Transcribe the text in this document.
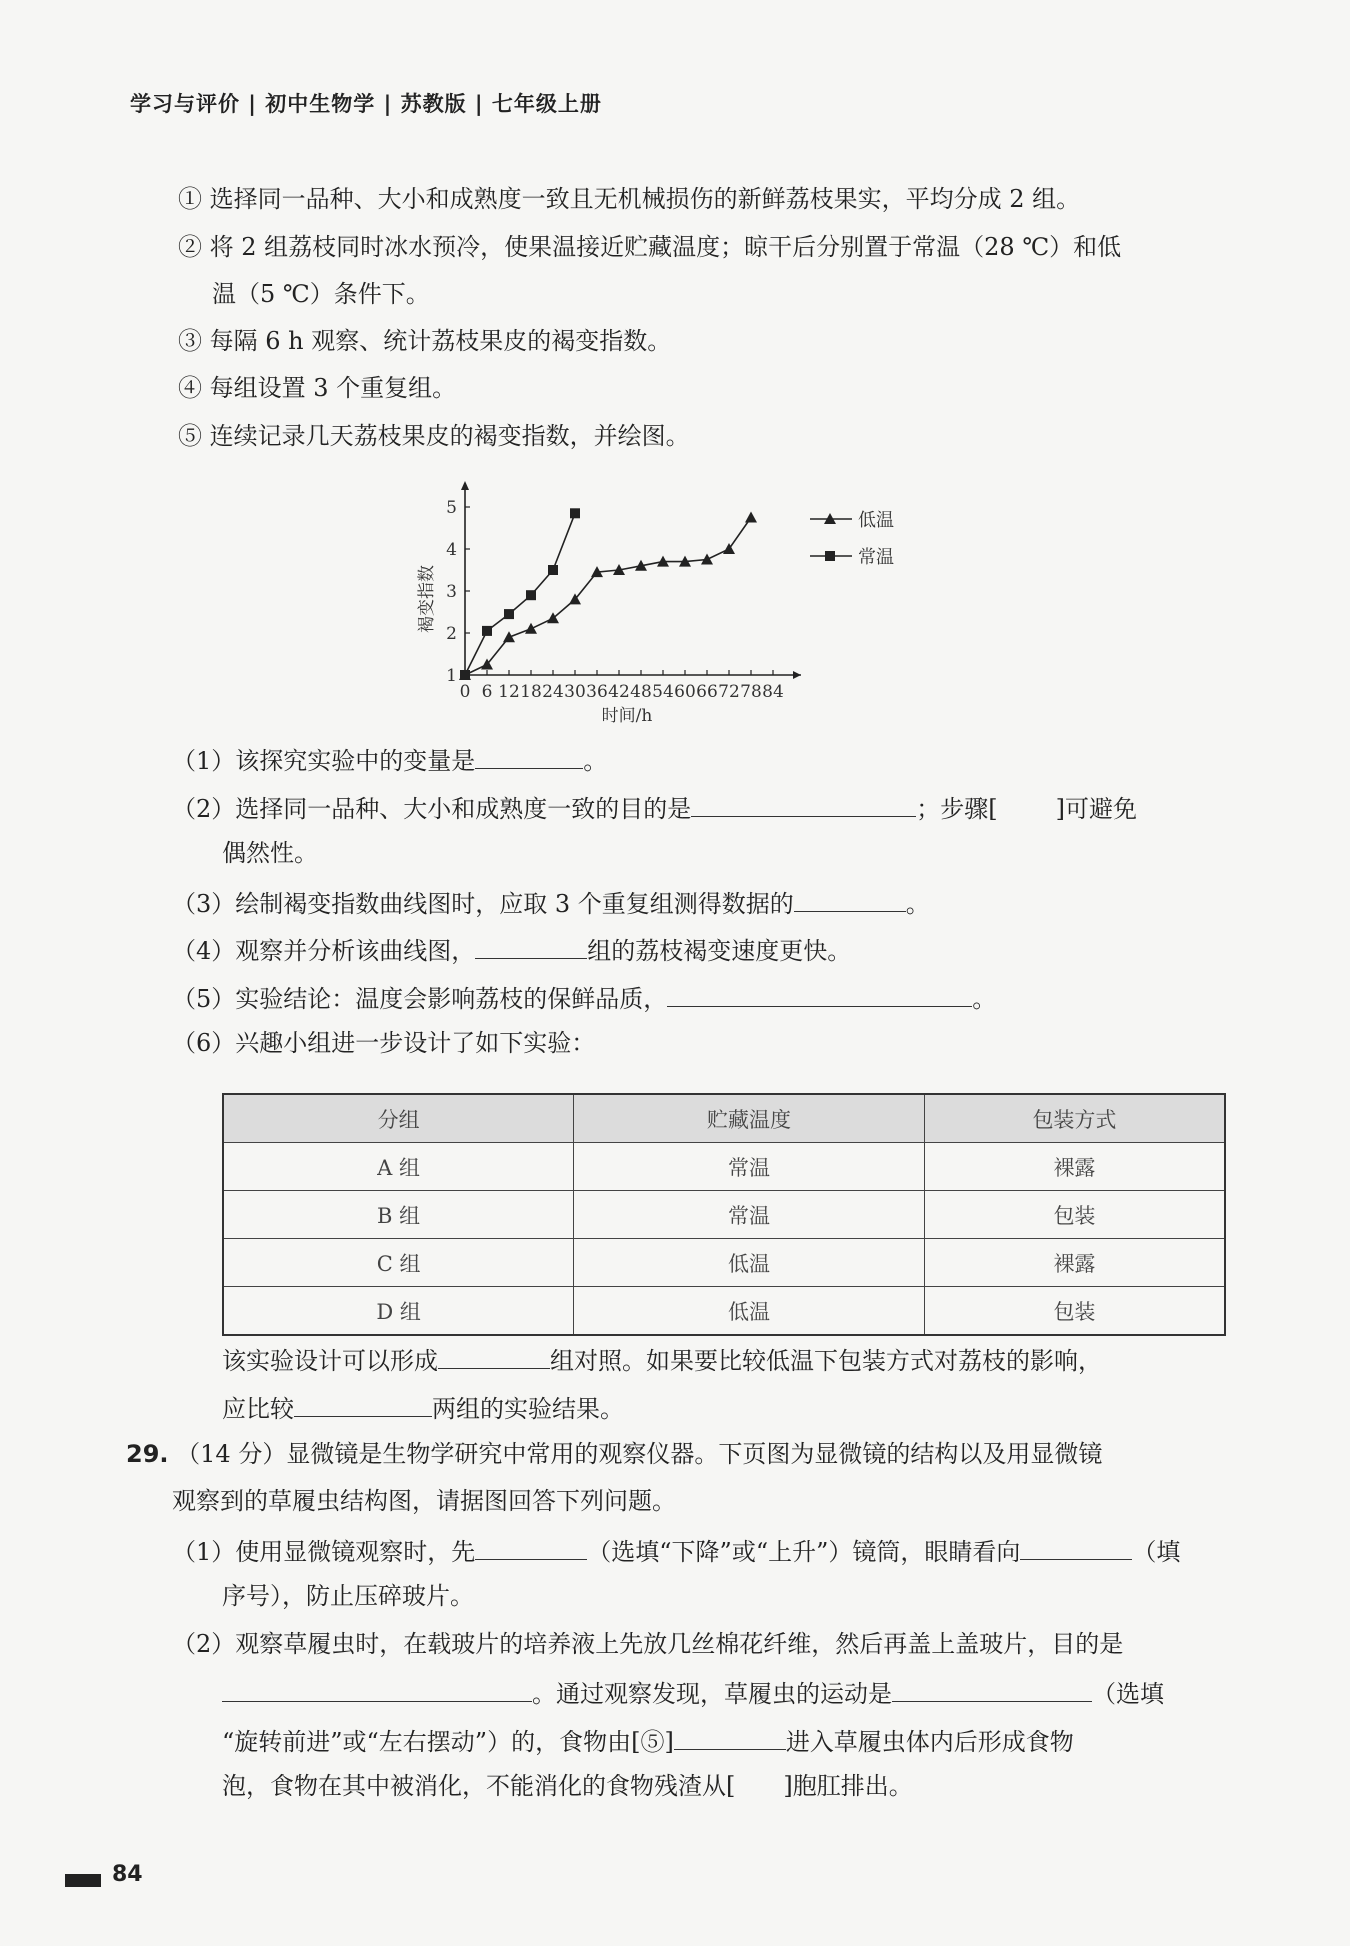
学习与评价 | 初中生物学 | 苏教版 | 七年级上册
① 选择同一品种、大小和成熟度一致且无机械损伤的新鲜荔枝果实，平均分成 2 组。
② 将 2 组荔枝同时冰水预冷，使果温接近贮藏温度；晾干后分别置于常温（28 ℃）和低
温（5 ℃）条件下。
③ 每隔 6 h 观察、统计荔枝果皮的褐变指数。
④ 每组设置 3 个重复组。
⑤ 连续记录几天荔枝果皮的褐变指数，并绘图。
0 6 12 18 24 30 36 42 48 54 60 66 72 78 84
1
2
3
4
5
时间/h
褐变指数
低温
常温
（1）该探究实验中的变量是	。
（2）选择同一品种、大小和成熟度一致的目的是	；步骤[ ]可避免
偶然性。
（3）绘制褐变指数曲线图时，应取 3 个重复组测得数据的	。
（4）观察并分析该曲线图，	组的荔枝褐变速度更快。
（5）实验结论：温度会影响荔枝的保鲜品质，	。
（6）兴趣小组进一步设计了如下实验：
分组	贮藏温度	包装方式
A 组	常温	裸露
B 组	常温	包装
C 组	低温	裸露
D 组	低温	包装
该实验设计可以形成	组对照。如果要比较低温下包装方式对荔枝的影响，
应比较	两组的实验结果。
29. （14 分）显微镜是生物学研究中常用的观察仪器。下页图为显微镜的结构以及用显微镜
观察到的草履虫结构图，请据图回答下列问题。
（1）使用显微镜观察时，先	（选填“下降”或“上升”）镜筒，眼睛看向	（填
序号），防止压碎玻片。
（2）观察草履虫时，在载玻片的培养液上先放几丝棉花纤维，然后再盖上盖玻片，目的是
。通过观察发现，草履虫的运动是	（选填
“旋转前进”或“左右摆动”）的，食物由[⑤]	进入草履虫体内后形成食物
泡，食物在其中被消化，不能消化的食物残渣从[ ]胞肛排出。
84
